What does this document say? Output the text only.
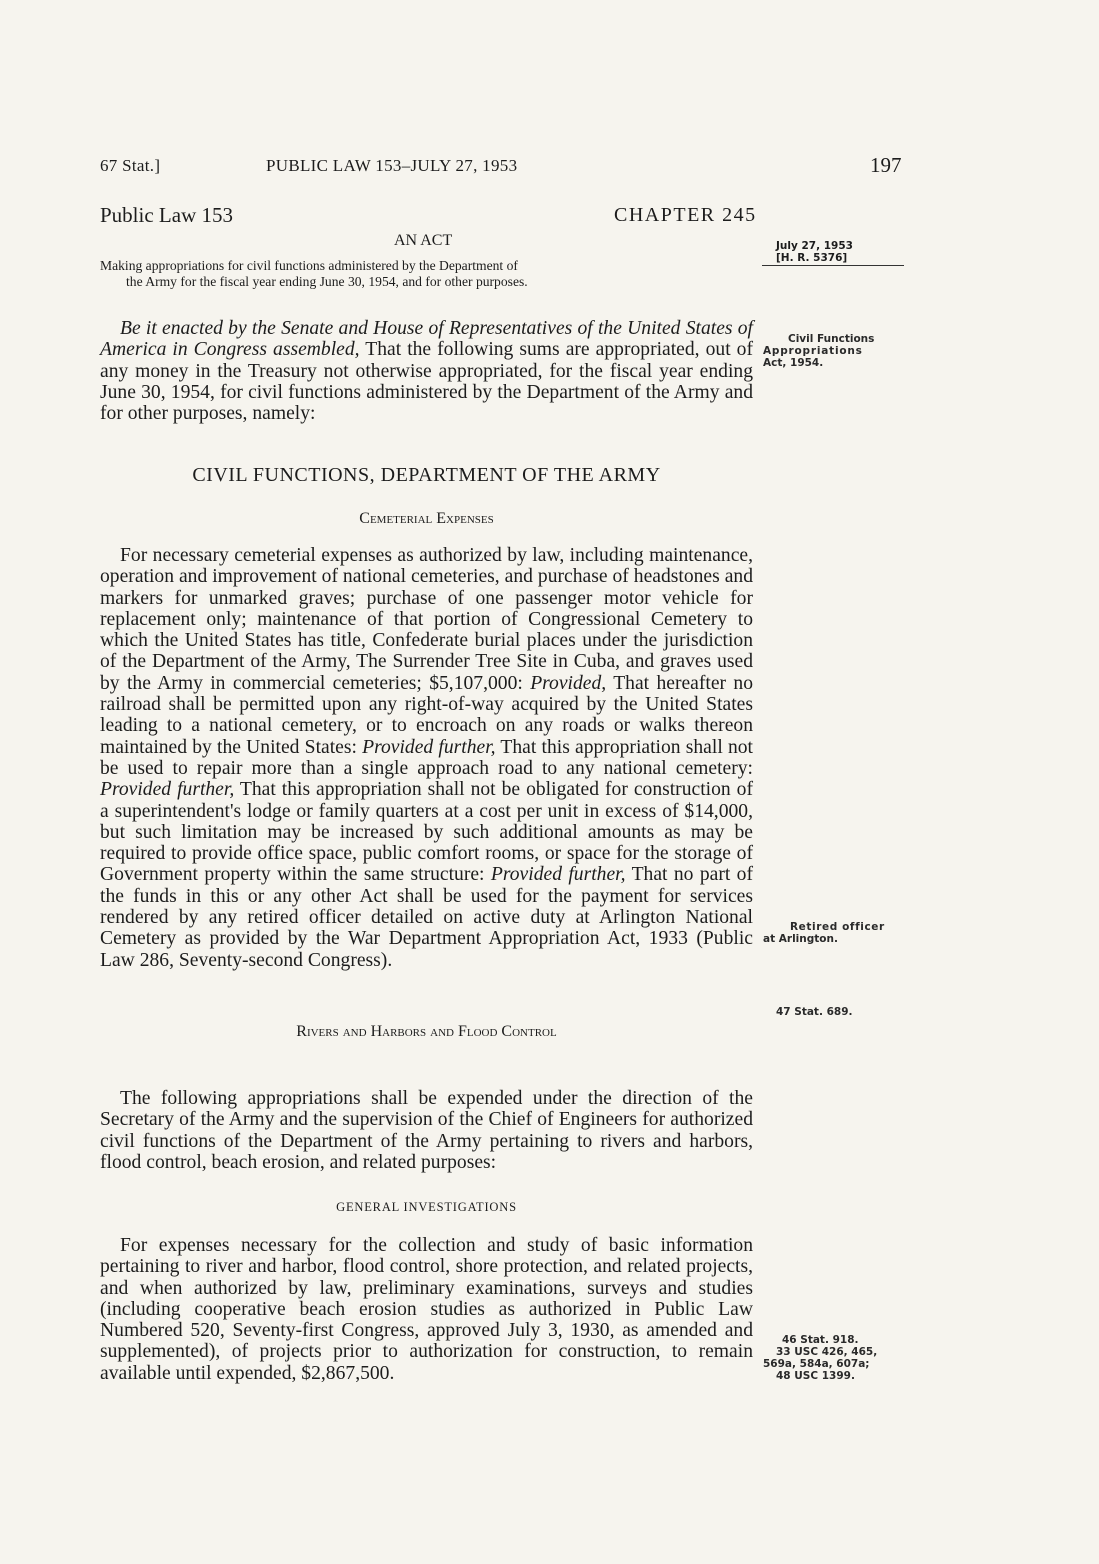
67 Stat.]	PUBLIC LAW 153–JULY 27, 1953	197
Public Law 153	CHAPTER 245
AN ACT	July 27, 1953
[H. R. 5376]
Making appropriations for civil functions administered by the Department of
the Army for the fiscal year ending June 30, 1954, and for other purposes.

Be it enacted by the Senate and House of Representatives of the United States of America in Congress assembled, That the following sums are appropriated, out of any money in the Treasury not otherwise appropriated, for the fiscal year ending June 30, 1954, for civil functions administered by the Department of the Army and for other purposes, namely:

CIVIL FUNCTIONS, DEPARTMENT OF THE ARMY
Cemeterial Expenses

For necessary cemeterial expenses as authorized by law, including maintenance, operation and improvement of national cemeteries, and purchase of headstones and markers for unmarked graves; purchase of one passenger motor vehicle for replacement only; maintenance of that portion of Congressional Cemetery to which the United States has title, Confederate burial places under the jurisdiction of the Department of the Army, The Surrender Tree Site in Cuba, and graves used by the Army in commercial cemeteries; $5,107,000: Provided, That hereafter no railroad shall be permitted upon any right-of-way acquired by the United States leading to a national cemetery, or to encroach on any roads or walks thereon maintained by the United States: Provided further, That this appropriation shall not be used to repair more than a single approach road to any national cemetery: Provided further, That this appropriation shall not be obligated for construction of a superintendent's lodge or family quarters at a cost per unit in excess of $14,000, but such limitation may be increased by such additional amounts as may be required to provide office space, public comfort rooms, or space for the storage of Government property within the same structure: Provided further, That no part of the funds in this or any other Act shall be used for the payment for services rendered by any retired officer detailed on active duty at Arlington National Cemetery as provided by the War Department Appropriation Act, 1933 (Public Law 286, Seventy-second Congress).

Rivers and Harbors and Flood Control

The following appropriations shall be expended under the direction of the Secretary of the Army and the supervision of the Chief of Engineers for authorized civil functions of the Department of the Army pertaining to rivers and harbors, flood control, beach erosion, and related purposes:

GENERAL INVESTIGATIONS

For expenses necessary for the collection and study of basic information pertaining to river and harbor, flood control, shore protection, and related projects, and when authorized by law, preliminary examinations, surveys and studies (including cooperative beach erosion studies as authorized in Public Law Numbered 520, Seventy-first Congress, approved July 3, 1930, as amended and supplemented), of projects prior to authorization for construction, to remain available until expended, $2,867,500.

Civil Functions
Appropriations
Act, 1954.
Retired officer
at Arlington.
47 Stat. 689.
46 Stat. 918.
33 USC 426, 465,
569a, 584a, 607a;
48 USC 1399.
